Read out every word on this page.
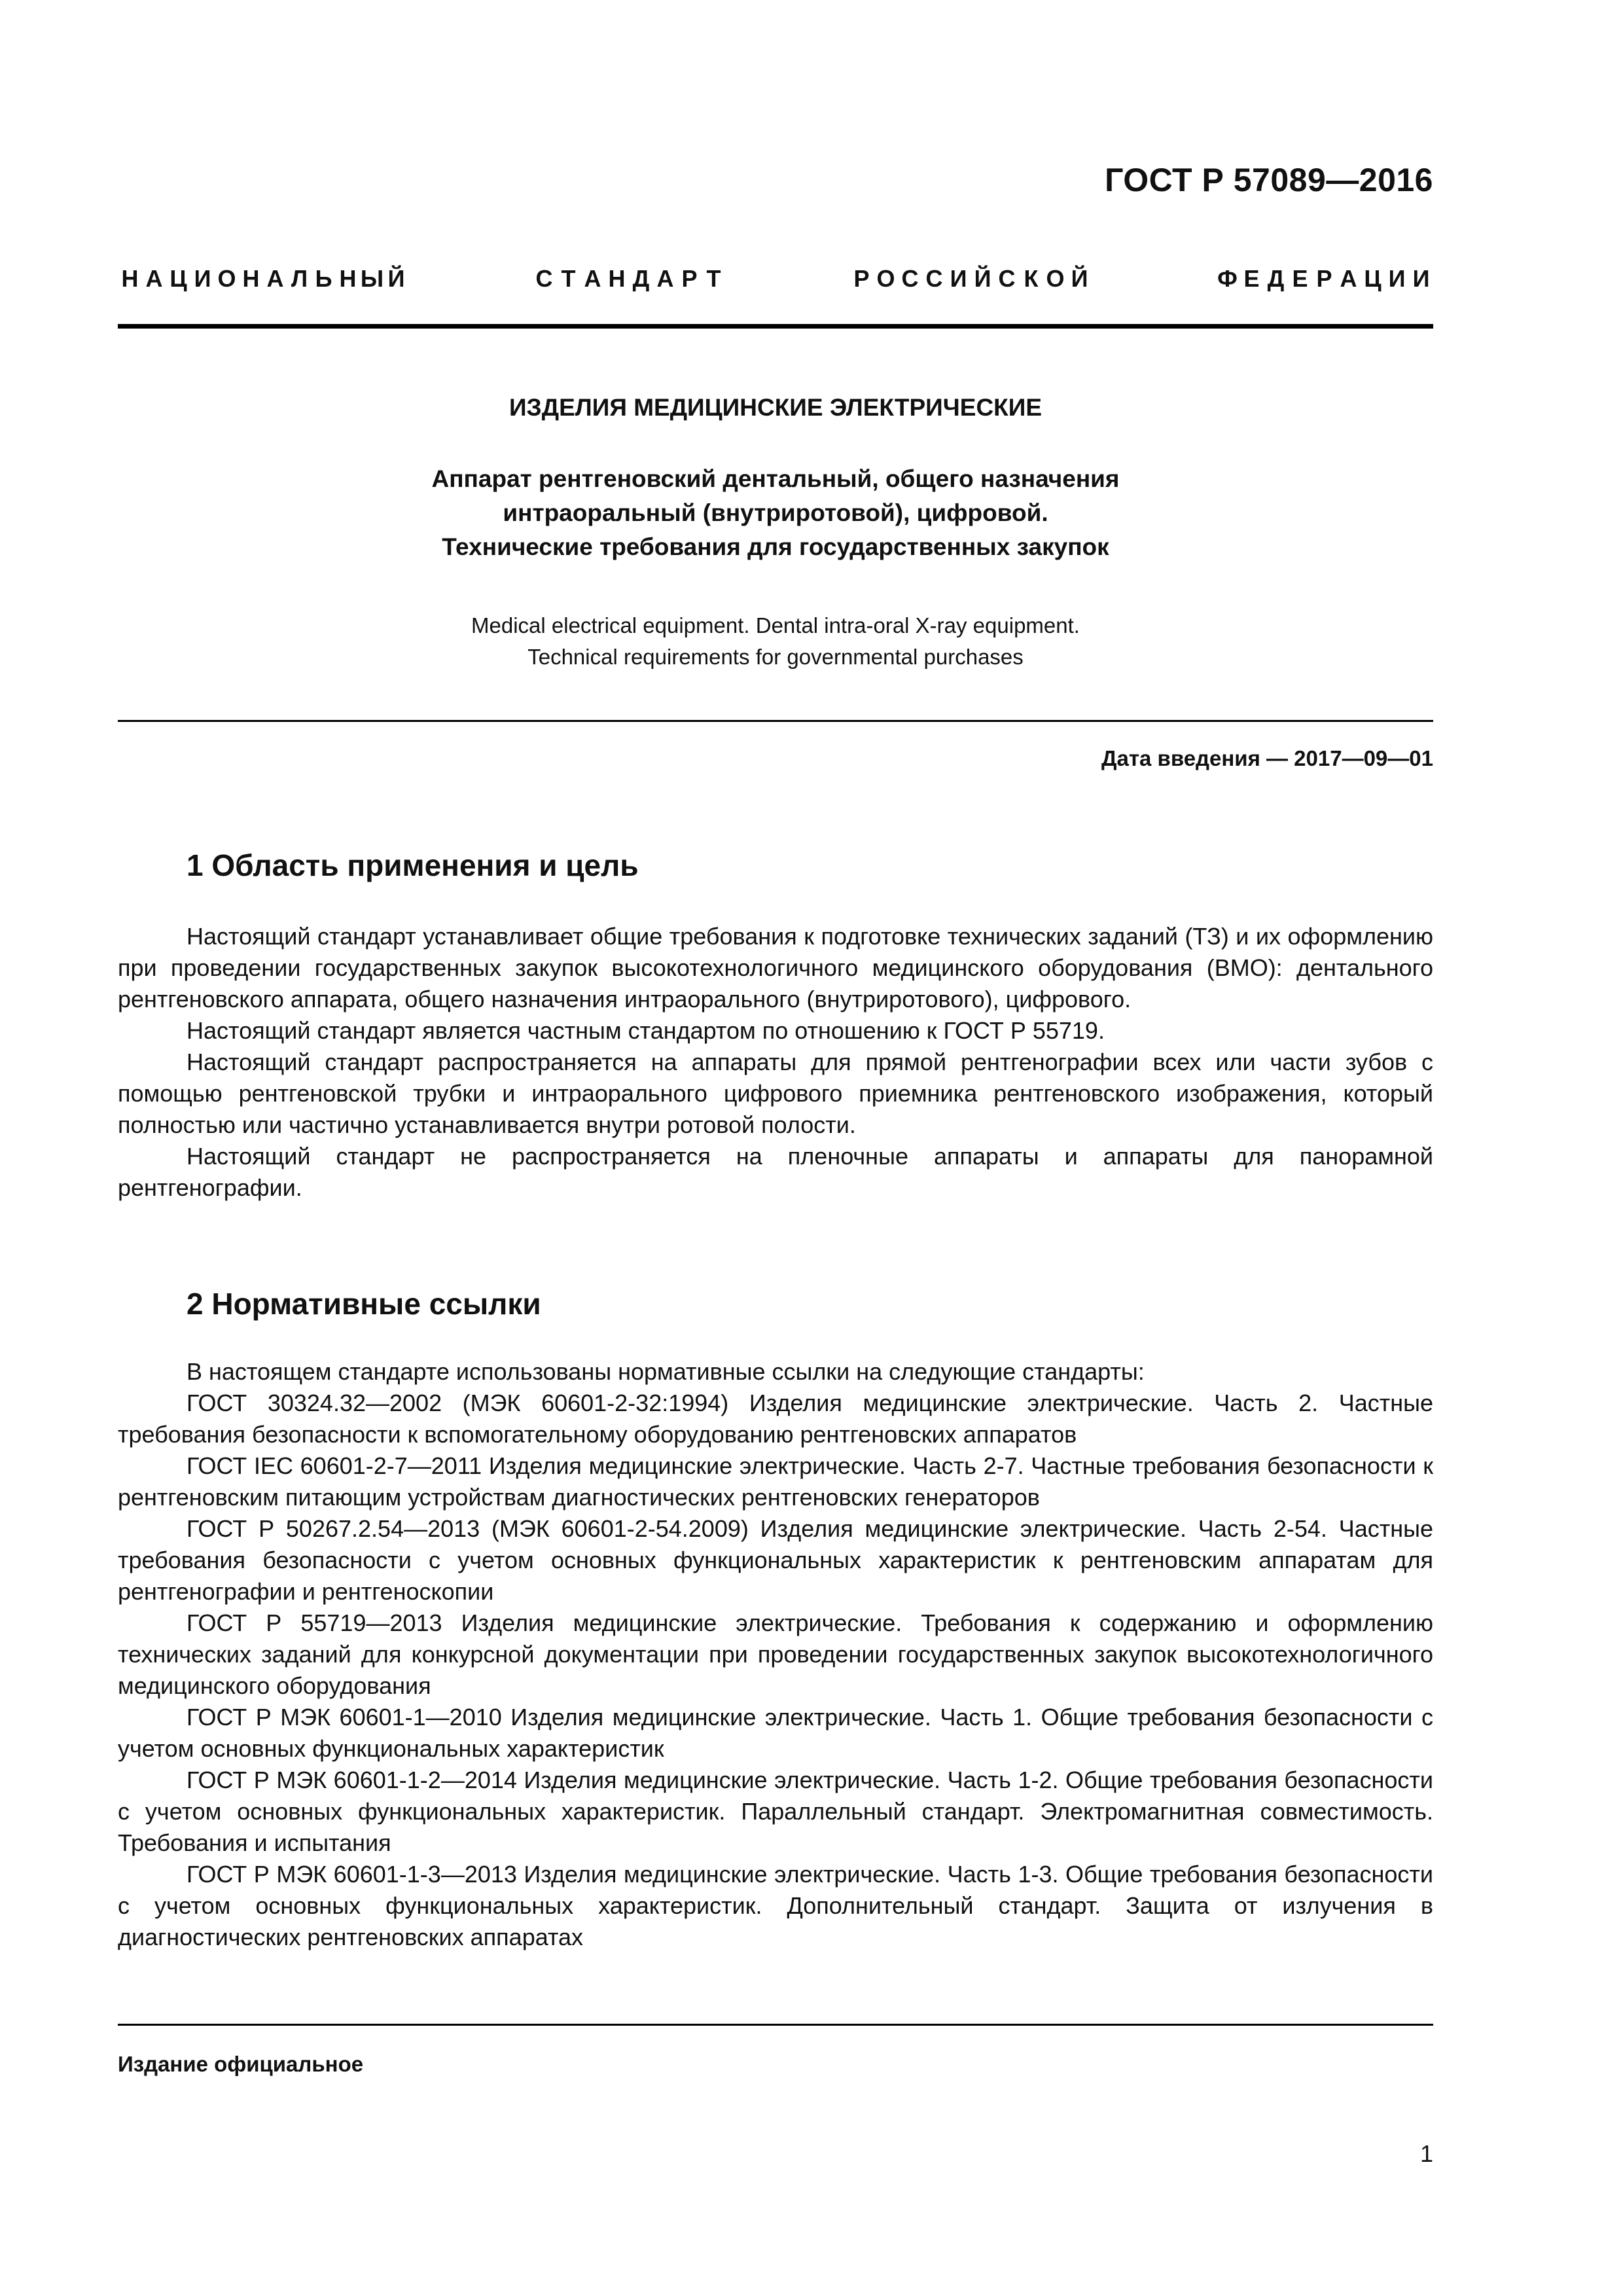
ГОСТ Р 57089—2016
Н А Ц И О Н А Л Ь Н Ы Й	С Т А Н Д А Р Т	Р О С С И Й С К О Й	Ф Е Д Е Р А Ц И И
ИЗДЕЛИЯ МЕДИЦИНСКИЕ ЭЛЕКТРИЧЕСКИЕ
Аппарат рентгеновский дентальный, общего назначения
интраоральный (внутриротовой), цифровой.
Технические требования для государственных закупок
Medical electrical equipment. Dental intra-oral X-ray equipment.
Technical requirements for governmental purchases
Дата введения — 2017—09—01
1 Область применения и цель

Настоящий стандарт устанавливает общие требования к подготовке технических заданий (ТЗ) и их оформлению при проведении государственных закупок высокотехнологичного медицинского оборудования (ВМО): дентального рентгеновского аппарата, общего назначения интраорального (внутриротового), цифрового.

Настоящий стандарт является частным стандартом по отношению к ГОСТ Р 55719.

Настоящий стандарт распространяется на аппараты для прямой рентгенографии всех или части зубов с помощью рентгеновской трубки и интраорального цифрового приемника рентгеновского изображения, который полностью или частично устанавливается внутри ротовой полости.

Настоящий стандарт не распространяется на пленочные аппараты и аппараты для панорамной рентгенографии.

2 Нормативные ссылки

В настоящем стандарте использованы нормативные ссылки на следующие стандарты:

ГОСТ 30324.32—2002 (МЭК 60601-2-32:1994) Изделия медицинские электрические. Часть 2. Частные требования безопасности к вспомогательному оборудованию рентгеновских аппаратов

ГОСТ IEC 60601-2-7—2011 Изделия медицинские электрические. Часть 2-7. Частные требования безопасности к рентгеновским питающим устройствам диагностических рентгеновских генераторов

ГОСТ Р 50267.2.54—2013 (МЭК 60601-2-54.2009) Изделия медицинские электрические. Часть 2-54. Частные требования безопасности с учетом основных функциональных характеристик к рентгеновским аппаратам для рентгенографии и рентгеноскопии

ГОСТ Р 55719—2013 Изделия медицинские электрические. Требования к содержанию и оформлению технических заданий для конкурсной документации при проведении государственных закупок высокотехнологичного медицинского оборудования

ГОСТ Р МЭК 60601-1—2010 Изделия медицинские электрические. Часть 1. Общие требования безопасности с учетом основных функциональных характеристик

ГОСТ Р МЭК 60601-1-2—2014 Изделия медицинские электрические. Часть 1-2. Общие требования безопасности с учетом основных функциональных характеристик. Параллельный стандарт. Электромагнитная совместимость. Требования и испытания

ГОСТ Р МЭК 60601-1-3—2013 Изделия медицинские электрические. Часть 1-3. Общие требования безопасности с учетом основных функциональных характеристик. Дополнительный стандарт. Защита от излучения в диагностических рентгеновских аппаратах

Издание официальное
1
